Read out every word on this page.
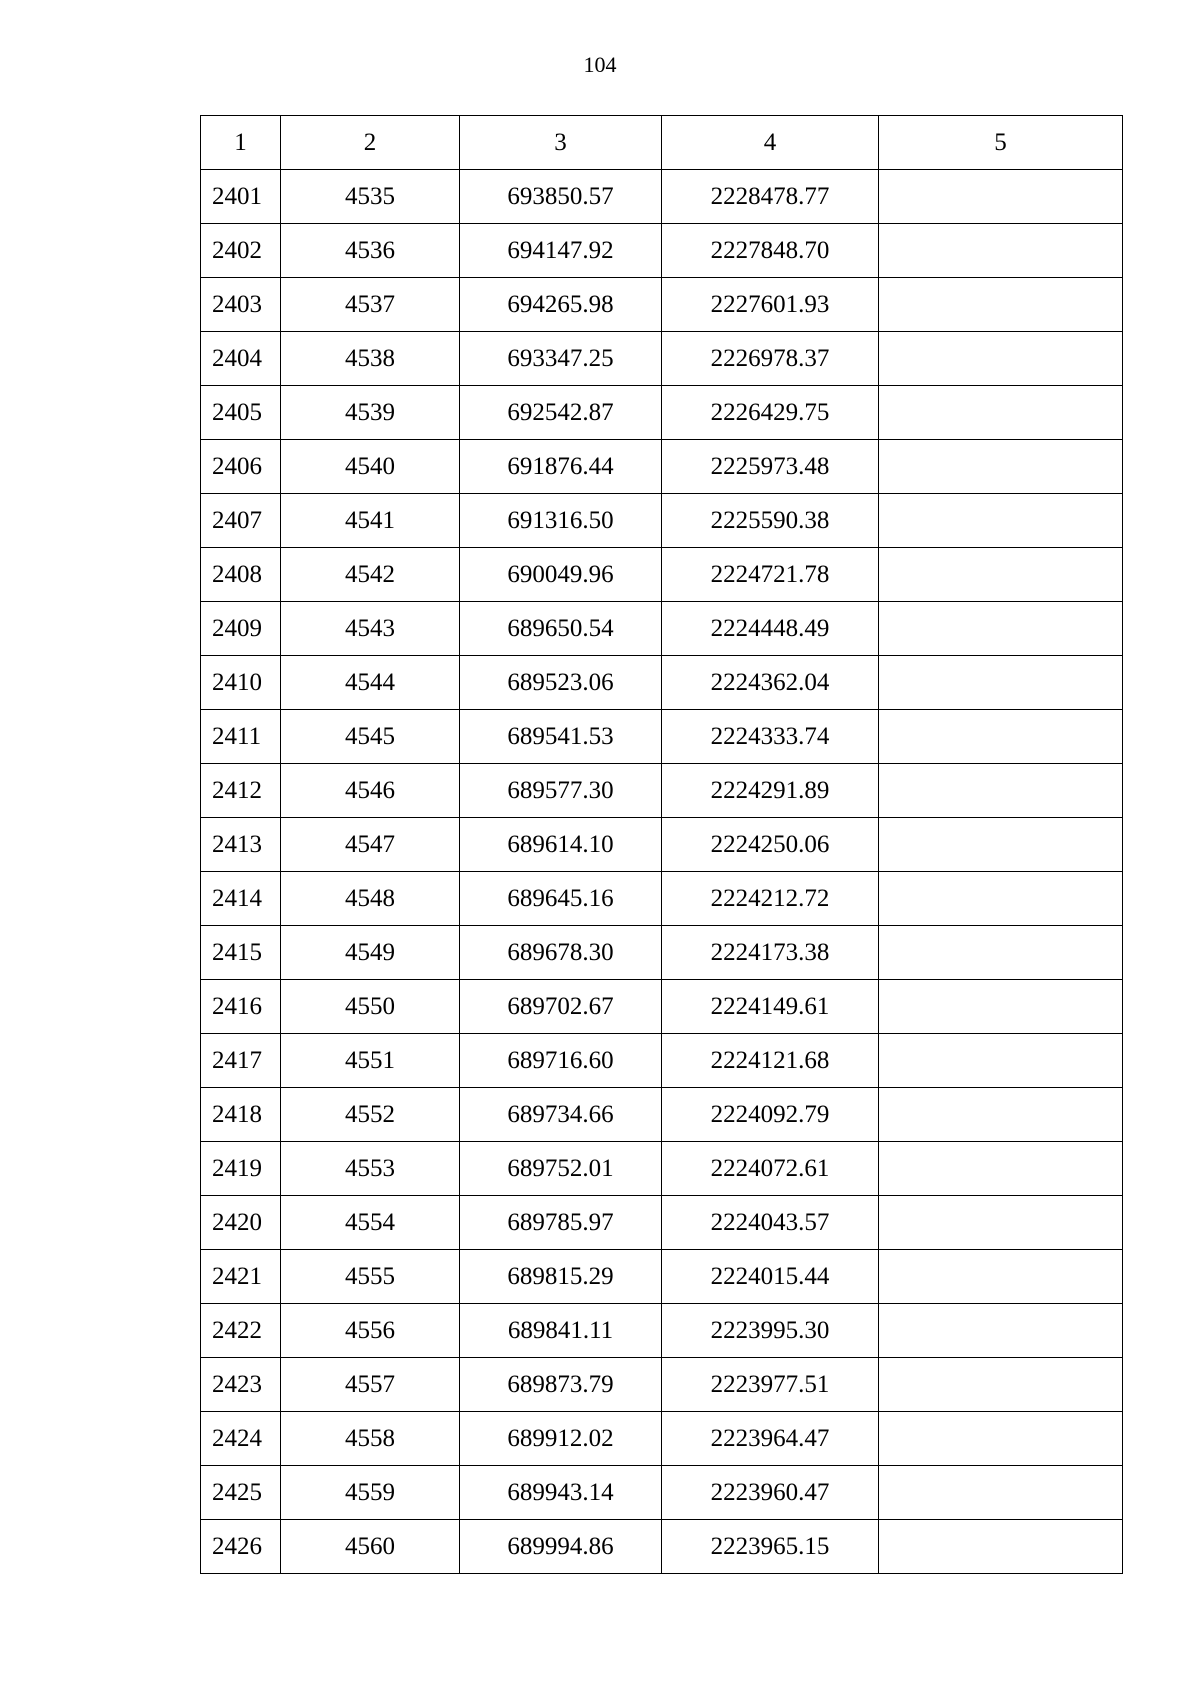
104
1	2	3	4	5
2401	4535	693850.57	2228478.77	
2402	4536	694147.92	2227848.70	
2403	4537	694265.98	2227601.93	
2404	4538	693347.25	2226978.37	
2405	4539	692542.87	2226429.75	
2406	4540	691876.44	2225973.48	
2407	4541	691316.50	2225590.38	
2408	4542	690049.96	2224721.78	
2409	4543	689650.54	2224448.49	
2410	4544	689523.06	2224362.04	
2411	4545	689541.53	2224333.74	
2412	4546	689577.30	2224291.89	
2413	4547	689614.10	2224250.06	
2414	4548	689645.16	2224212.72	
2415	4549	689678.30	2224173.38	
2416	4550	689702.67	2224149.61	
2417	4551	689716.60	2224121.68	
2418	4552	689734.66	2224092.79	
2419	4553	689752.01	2224072.61	
2420	4554	689785.97	2224043.57	
2421	4555	689815.29	2224015.44	
2422	4556	689841.11	2223995.30	
2423	4557	689873.79	2223977.51	
2424	4558	689912.02	2223964.47	
2425	4559	689943.14	2223960.47	
2426	4560	689994.86	2223965.15	
